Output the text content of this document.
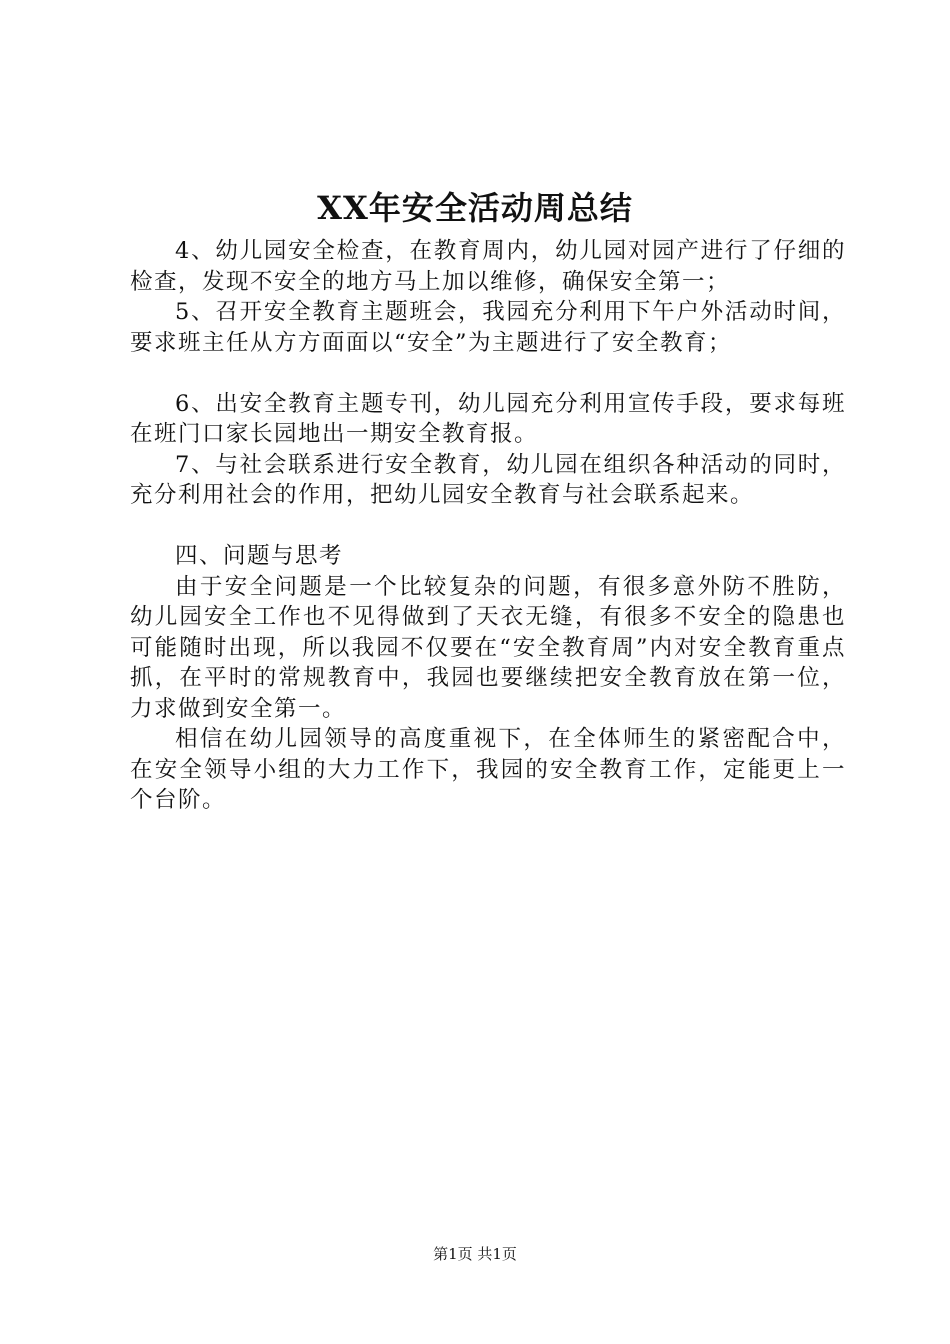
XX年安全活动周总结

4、幼儿园安全检查，在教育周内，幼儿园对园产进行了仔细的检查，发现不安全的地方马上加以维修，确保安全第一；

5、召开安全教育主题班会，我园充分利用下午户外活动时间，要求班主任从方方面面以“安全”为主题进行了安全教育；

6、出安全教育主题专刊，幼儿园充分利用宣传手段，要求每班在班门口家长园地出一期安全教育报。

7、与社会联系进行安全教育，幼儿园在组织各种活动的同时，充分利用社会的作用，把幼儿园安全教育与社会联系起来。

四、问题与思考

由于安全问题是一个比较复杂的问题，有很多意外防不胜防，幼儿园安全工作也不见得做到了天衣无缝，有很多不安全的隐患也可能随时出现，所以我园不仅要在“安全教育周”内对安全教育重点抓，在平时的常规教育中，我园也要继续把安全教育放在第一位，力求做到安全第一。

相信在幼儿园领导的高度重视下，在全体师生的紧密配合中，在安全领导小组的大力工作下，我园的安全教育工作，定能更上一个台阶。

第1页 共1页
